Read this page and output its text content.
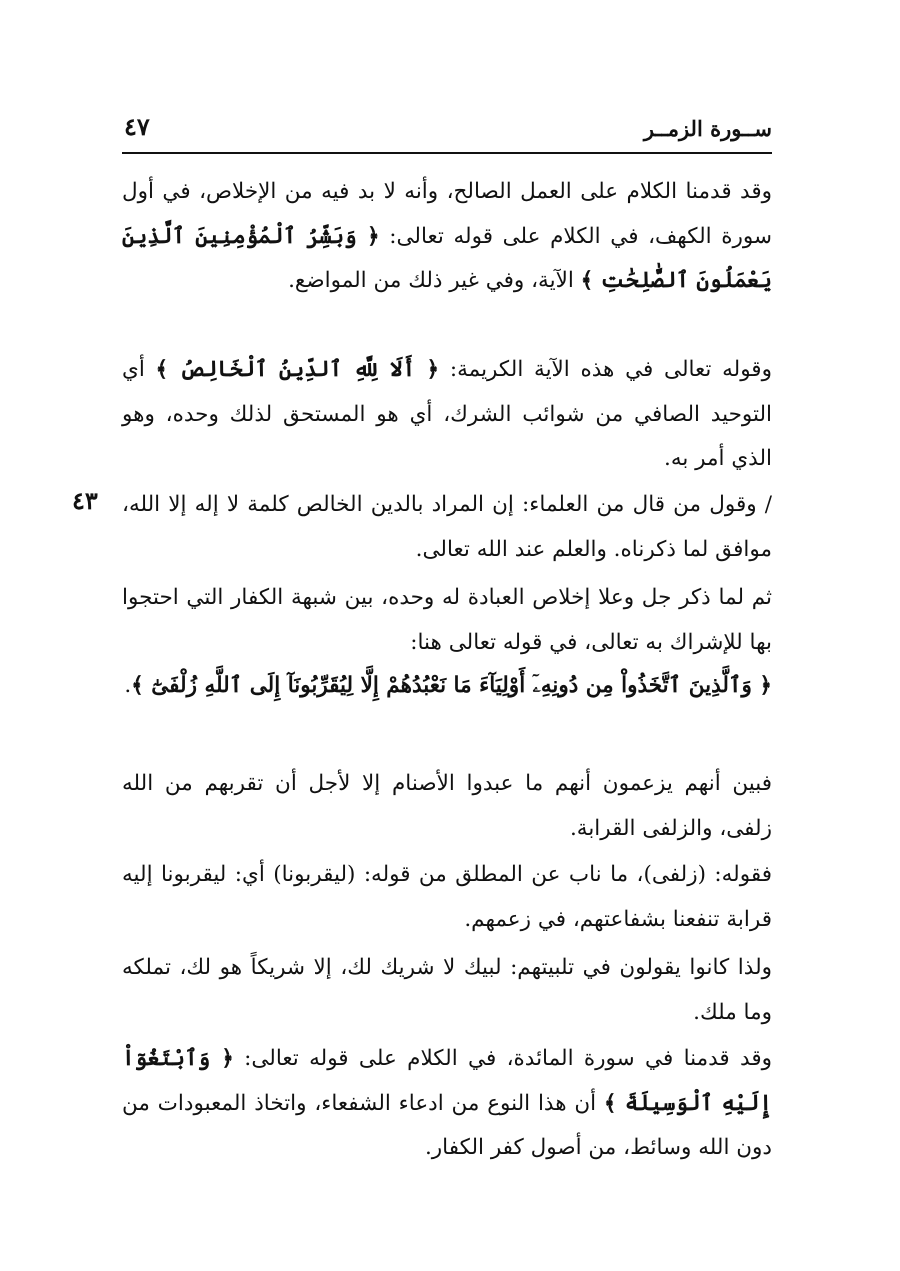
ســورة الزمــر
٤٧

وقد قدمنا الكلام على العمل الصالح، وأنه لا بد فيه من الإخلاص، في أول سورة الكهف، في الكلام على قوله تعالى: ﴿ وَبَشِّرُ ٱلْمُؤْمِنِينَ ٱلَّذِينَ يَعْمَلُونَ ٱلصَّٰلِحَٰتِ ﴾ الآية، وفي غير ذلك من المواضع.

وقوله تعالى في هذه الآية الكريمة: ﴿ أَلَا لِلَّهِ ٱلدِّينُ ٱلْخَالِصُ ﴾ أي التوحيد الصافي من شوائب الشرك، أي هو المستحق لذلك وحده، وهو الذي أمر به.

٤٣ / وقول من قال من العلماء: إن المراد بالدين الخالص كلمة لا إله إلا الله، موافق لما ذكرناه. والعلم عند الله تعالى.

ثم لما ذكر جل وعلا إخلاص العبادة له وحده، بين شبهة الكفار التي احتجوا بها للإشراك به تعالى، في قوله تعالى هنا:

﴿ وَٱلَّذِينَ ٱتَّخَذُواْ مِن دُونِهِۦٓ أَوْلِيَآءَ مَا نَعْبُدُهُمْ إِلَّا لِيُقَرِّبُونَآ إِلَى ٱللَّهِ زُلْفَىٰٓ ﴾.

فبين أنهم يزعمون أنهم ما عبدوا الأصنام إلا لأجل أن تقربهم من الله زلفى، والزلفى القرابة.

فقوله: (زلفى)، ما ناب عن المطلق من قوله: (ليقربونا) أي: ليقربونا إليه قرابة تنفعنا بشفاعتهم، في زعمهم.

ولذا كانوا يقولون في تلبيتهم: لبيك لا شريك لك، إلا شريكاً هو لك، تملكه وما ملك.

وقد قدمنا في سورة المائدة، في الكلام على قوله تعالى: ﴿ وَٱبْتَغُوٓاْ إِلَيْهِ ٱلْوَسِيلَةَ ﴾ أن هذا النوع من ادعاء الشفعاء، واتخاذ المعبودات من دون الله وسائط، من أصول كفر الكفار.
